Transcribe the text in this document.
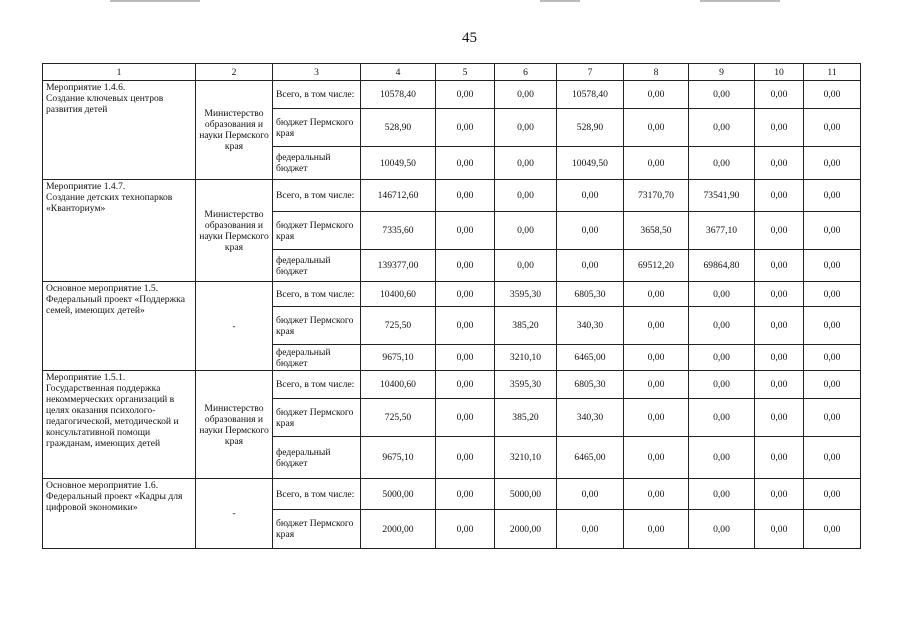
45
1	2	3	4	5	6	7	8	9	10	11
Мероприятие 1.4.6.
Создание ключевых центров развития детей	Министерство образования и науки Пермского края	Всего, в том числе:	10578,40	0,00	0,00	10578,40	0,00	0,00	0,00	0,00
		бюджет Пермского края	528,90	0,00	0,00	528,90	0,00	0,00	0,00	0,00
		федеральный бюджет	10049,50	0,00	0,00	10049,50	0,00	0,00	0,00	0,00
Мероприятие 1.4.7.
Создание детских технопарков «Кванториум»	Министерство образования и науки Пермского края	Всего, в том числе:	146712,60	0,00	0,00	0,00	73170,70	73541,90	0,00	0,00
		бюджет Пермского края	7335,60	0,00	0,00	0,00	3658,50	3677,10	0,00	0,00
		федеральный бюджет	139377,00	0,00	0,00	0,00	69512,20	69864,80	0,00	0,00
Основное мероприятие 1.5.
Федеральный проект «Поддержка семей, имеющих детей»	-	Всего, в том числе:	10400,60	0,00	3595,30	6805,30	0,00	0,00	0,00	0,00
		бюджет Пермского края	725,50	0,00	385,20	340,30	0,00	0,00	0,00	0,00
		федеральный бюджет	9675,10	0,00	3210,10	6465,00	0,00	0,00	0,00	0,00
Мероприятие 1.5.1.
Государственная поддержка некоммерческих организаций в целях оказания психолого-педагогической, методической и консультативной помощи гражданам, имеющих детей	Министерство образования и науки Пермского края	Всего, в том числе:	10400,60	0,00	3595,30	6805,30	0,00	0,00	0,00	0,00
		бюджет Пермского края	725,50	0,00	385,20	340,30	0,00	0,00	0,00	0,00
		федеральный бюджет	9675,10	0,00	3210,10	6465,00	0,00	0,00	0,00	0,00
Основное мероприятие 1.6.
Федеральный проект «Кадры для цифровой экономики»	-	Всего, в том числе:	5000,00	0,00	5000,00	0,00	0,00	0,00	0,00	0,00
		бюджет Пермского края	2000,00	0,00	2000,00	0,00	0,00	0,00	0,00	0,00
